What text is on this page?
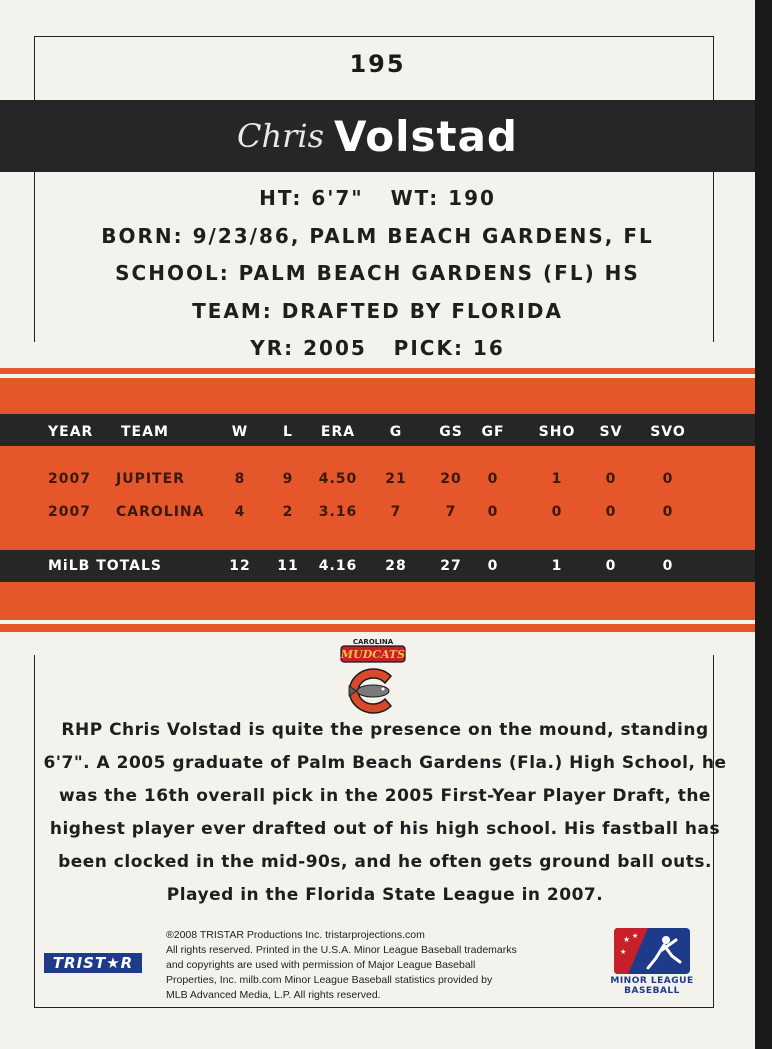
195
Chris Volstad
HT: 6'7"   WT: 190
BORN: 9/23/86, PALM BEACH GARDENS, FL
SCHOOL: PALM BEACH GARDENS (FL) HS
TEAM: DRAFTED BY FLORIDA
YR: 2005   PICK: 16
YEAR TEAM	W	L	ERA	G	GS	GF	SHO	SV	SVO
2007 JUPITER	8	9	4.50	21	20	0	1	0	0
2007 CAROLINA	4	2	3.16	7	7	0	0	0	0
MiLB TOTALS	12	11	4.16	28	27	0	1	0	0
CAROLINA
MUDCATS
RHP Chris Volstad is quite the presence on the mound, standing 6'7". A 2005 graduate of Palm Beach Gardens (Fla.) High School, he was the 16th overall pick in the 2005 First-Year Player Draft, the highest player ever drafted out of his high school. His fastball has been clocked in the mid-90s, and he often gets ground ball outs. Played in the Florida State League in 2007.
TRIST★R
®2008 TRISTAR Productions Inc. tristarprojections.com
All rights reserved. Printed in the U.S.A. Minor League Baseball trademarks
and copyrights are used with permission of Major League Baseball
Properties, Inc. milb.com Minor League Baseball statistics provided by
MLB Advanced Media, L.P. All rights reserved.
★ ★
★
MINOR LEAGUE
BASEBALL
